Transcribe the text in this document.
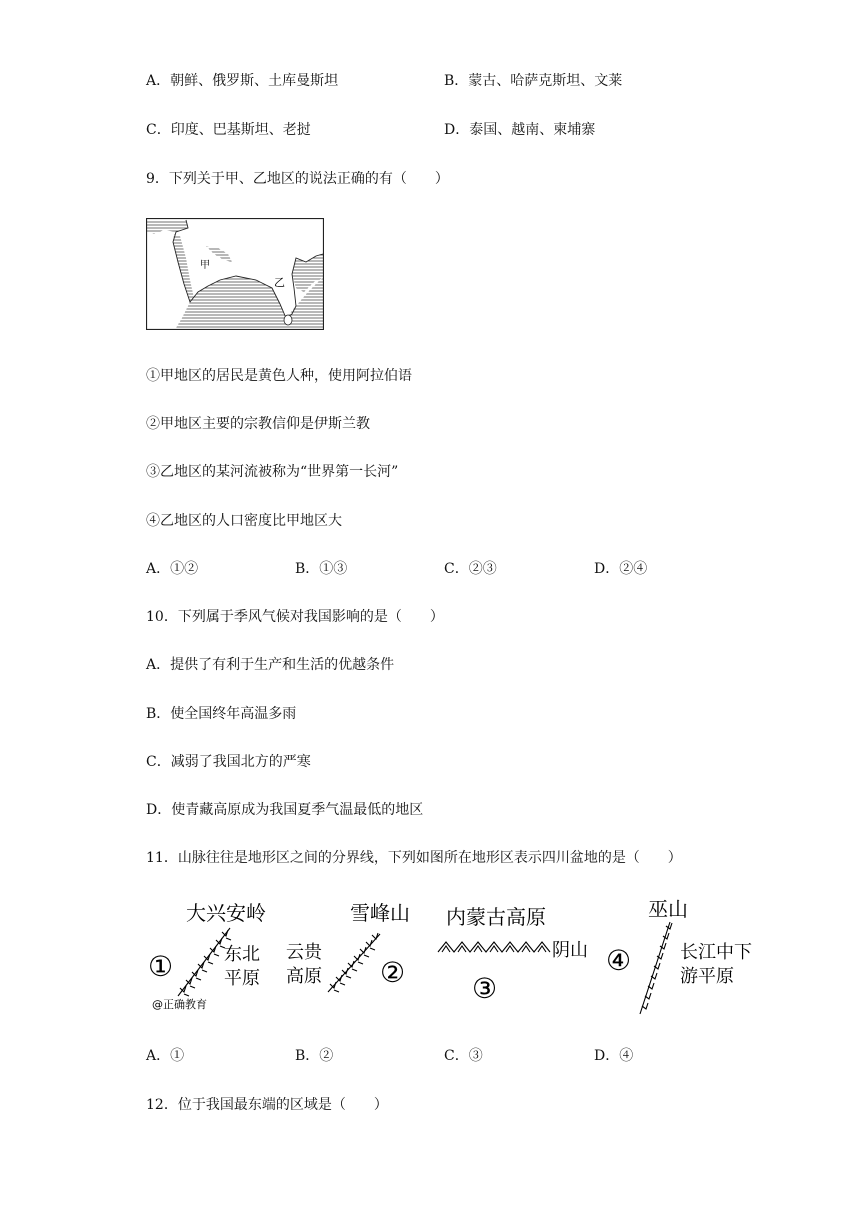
A．朝鲜、俄罗斯、土库曼斯坦	B．蒙古、哈萨克斯坦、文莱
C．印度、巴基斯坦、老挝	D．泰国、越南、柬埔寨
9．下列关于甲、乙地区的说法正确的有（　　）
甲
乙
①甲地区的居民是黄色人种，使用阿拉伯语
②甲地区主要的宗教信仰是伊斯兰教
③乙地区的某河流被称为“世界第一长河”
④乙地区的人口密度比甲地区大
A．①②	B．①③	C．②③	D．②④
10．下列属于季风气候对我国影响的是（　　）
A．提供了有利于生产和生活的优越条件
B．使全国终年高温多雨
C．减弱了我国北方的严寒
D．使青藏高原成为我国夏季气温最低的地区
11．山脉往往是地形区之间的分界线，下列如图所在地形区表示四川盆地的是（　　）
大兴安岭
①	东北
平原
@正确教育
雪峰山
云贵
高原 ②
内蒙古高原
阴山
③
巫山
④	长江中下
游平原
A．①	B．②	C．③	D．④
12．位于我国最东端的区域是（　　）
